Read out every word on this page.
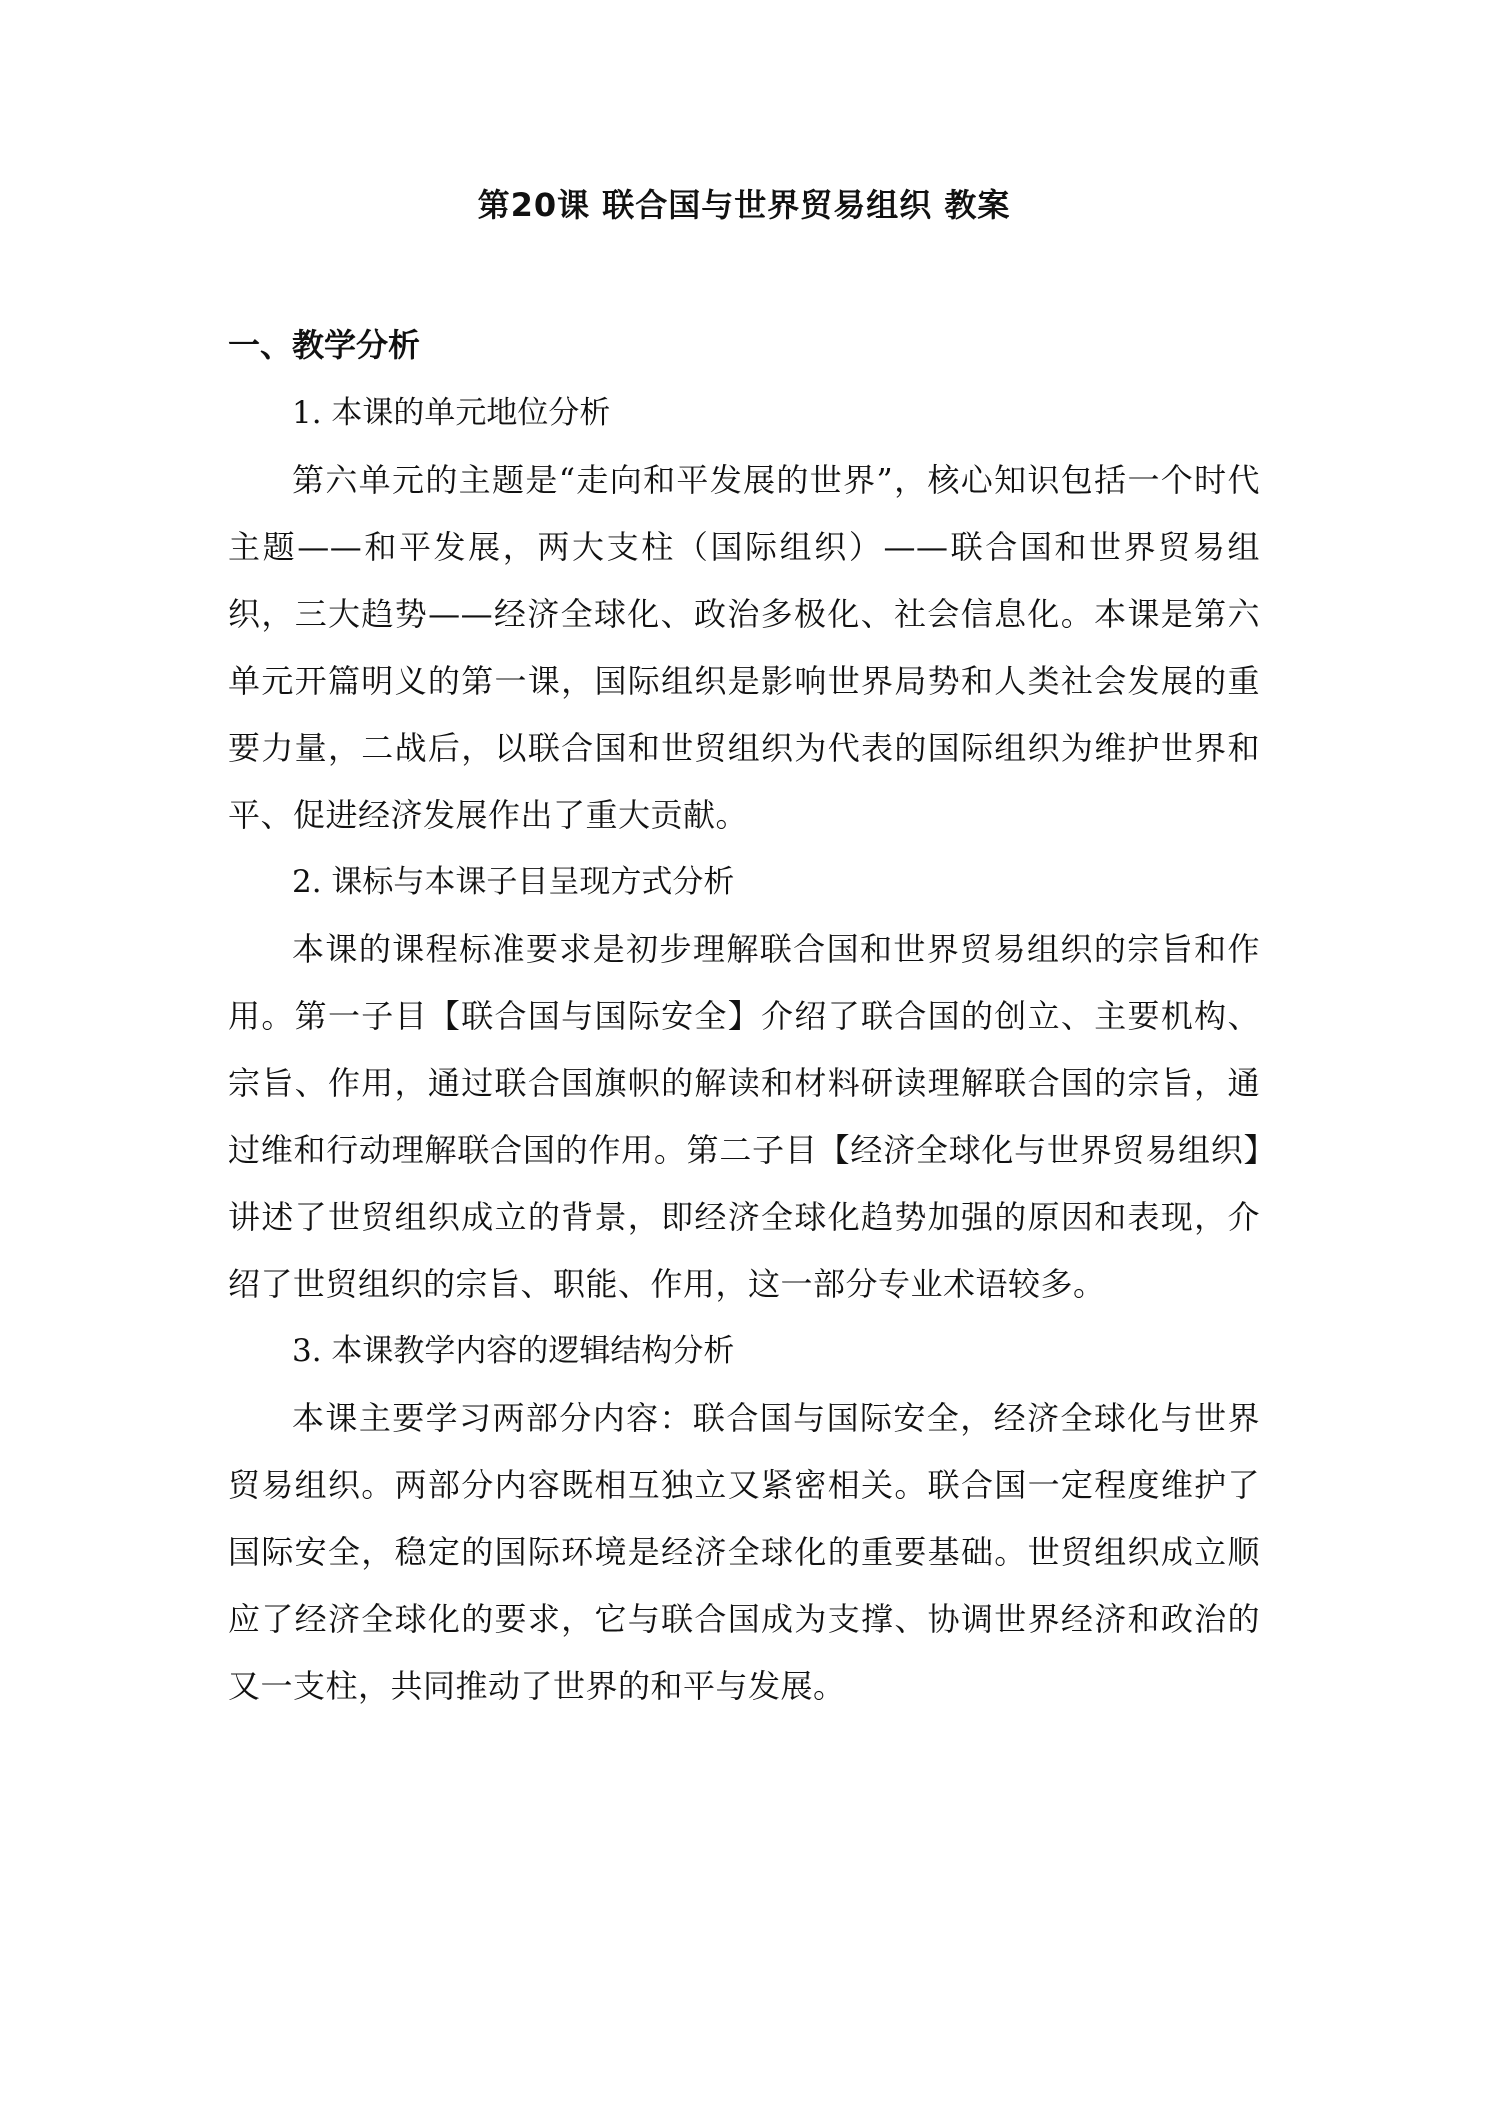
第20课 联合国与世界贸易组织 教案
一、教学分析

1. 本课的单元地位分析

第六单元的主题是“走向和平发展的世界”，核心知识包括一个时代主题——和平发展，两大支柱（国际组织）——联合国和世界贸易组织，三大趋势——经济全球化、政治多极化、社会信息化。本课是第六单元开篇明义的第一课，国际组织是影响世界局势和人类社会发展的重要力量，二战后，以联合国和世贸组织为代表的国际组织为维护世界和平、促进经济发展作出了重大贡献。

2. 课标与本课子目呈现方式分析

本课的课程标准要求是初步理解联合国和世界贸易组织的宗旨和作用。第一子目【联合国与国际安全】介绍了联合国的创立、主要机构、宗旨、作用，通过联合国旗帜的解读和材料研读理解联合国的宗旨，通过维和行动理解联合国的作用。第二子目【经济全球化与世界贸易组织】讲述了世贸组织成立的背景，即经济全球化趋势加强的原因和表现，介绍了世贸组织的宗旨、职能、作用，这一部分专业术语较多。

3. 本课教学内容的逻辑结构分析

本课主要学习两部分内容：联合国与国际安全，经济全球化与世界贸易组织。两部分内容既相互独立又紧密相关。联合国一定程度维护了国际安全，稳定的国际环境是经济全球化的重要基础。世贸组织成立顺应了经济全球化的要求，它与联合国成为支撑、协调世界经济和政治的又一支柱，共同推动了世界的和平与发展。
